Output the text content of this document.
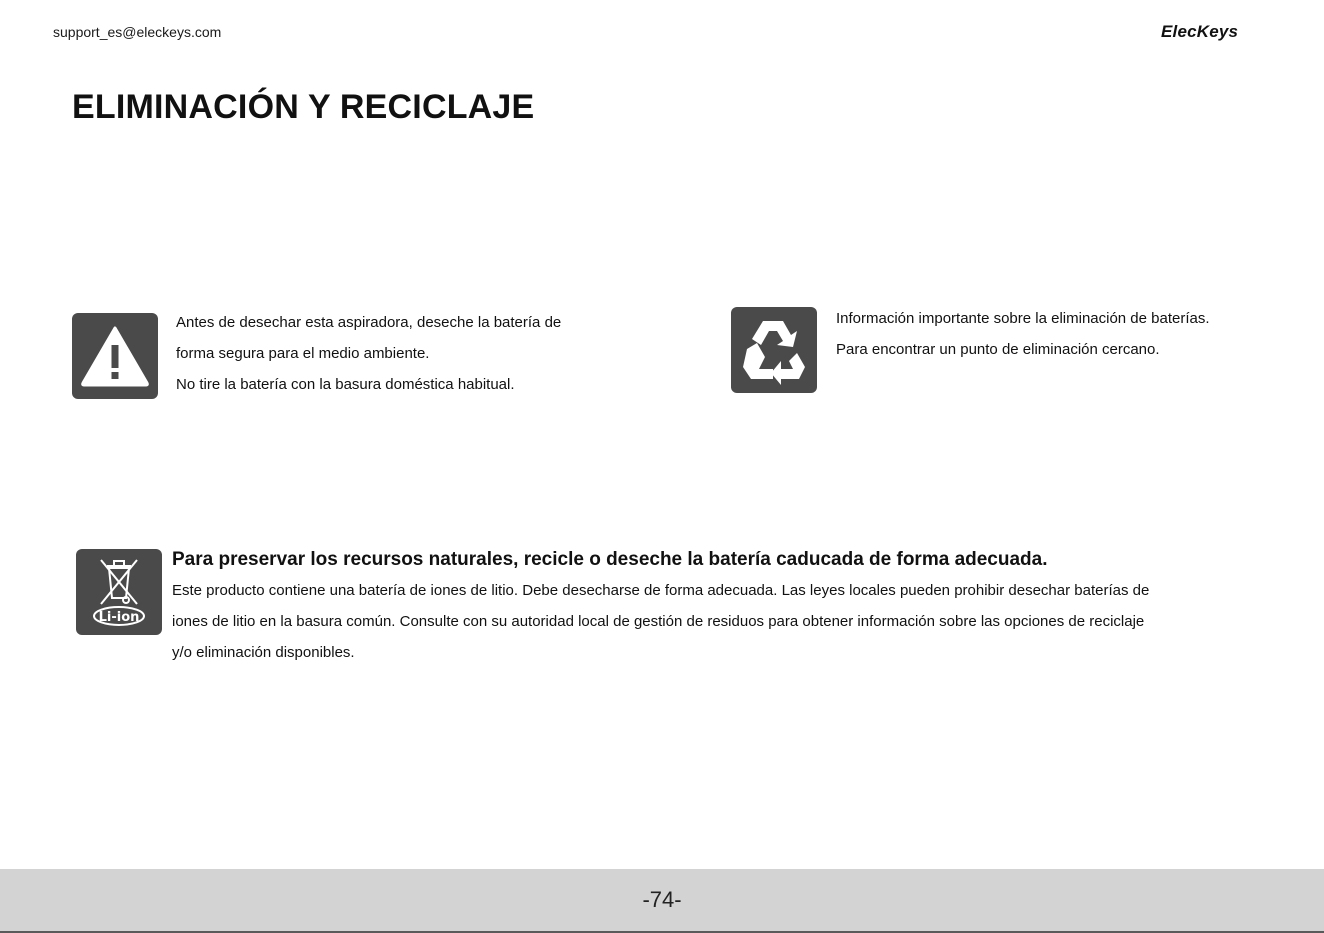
support_es@eleckeys.com	ElecKeys
ELIMINACIÓN Y RECICLAJE
Antes de desechar esta aspiradora, deseche la batería de
forma segura para el medio ambiente.
No tire la batería con la basura doméstica habitual.
Información importante sobre la eliminación de baterías.
Para encontrar un punto de eliminación cercano.
Li-ion
Para preservar los recursos naturales, recicle o deseche la batería caducada de forma adecuada.
Este producto contiene una batería de iones de litio. Debe desecharse de forma adecuada. Las leyes locales pueden prohibir desechar baterías de
iones de litio en la basura común. Consulte con su autoridad local de gestión de residuos para obtener información sobre las opciones de reciclaje
y/o eliminación disponibles.
-74-
